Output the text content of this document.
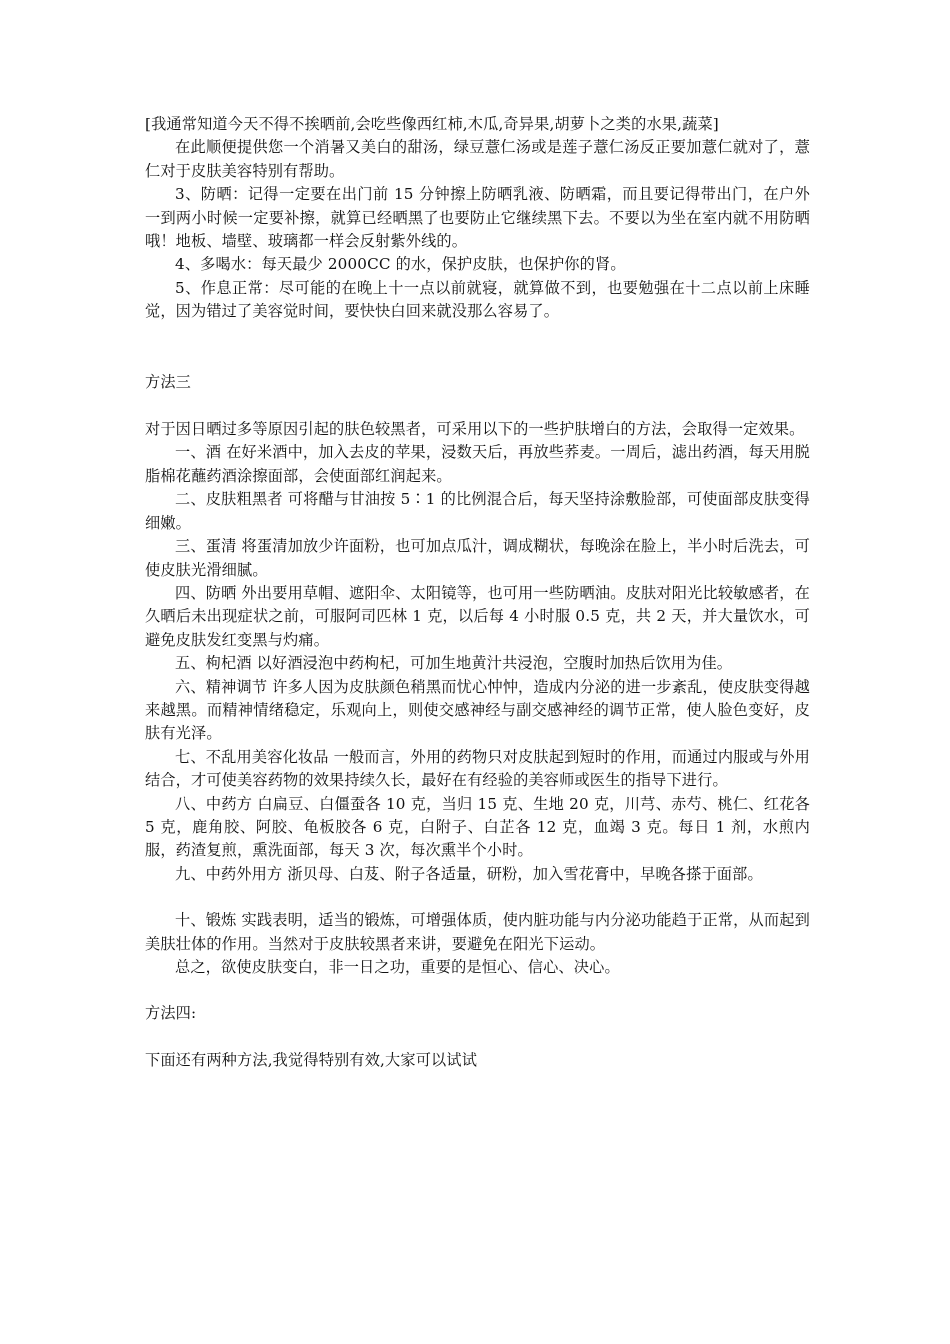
[我通常知道今天不得不挨晒前,会吃些像西红柿,木瓜,奇异果,胡萝卜之类的水果,蔬菜]

在此顺便提供您一个消暑又美白的甜汤，绿豆薏仁汤或是莲子薏仁汤反正要加薏仁就对了，薏仁对于皮肤美容特别有帮助。

3、防晒：记得一定要在出门前 15 分钟擦上防晒乳液、防晒霜，而且要记得带出门，在户外一到两小时候一定要补擦，就算已经晒黑了也要防止它继续黑下去。不要以为坐在室内就不用防晒哦！地板、墙壁、玻璃都一样会反射紫外线的。

4、多喝水：每天最少 2000CC 的水，保护皮肤，也保护你的肾。

5、作息正常：尽可能的在晚上十一点以前就寝，就算做不到，也要勉强在十二点以前上床睡觉，因为错过了美容觉时间，要快快白回来就没那么容易了。

方法三

对于因日晒过多等原因引起的肤色较黑者，可采用以下的一些护肤增白的方法，会取得一定效果。

一、酒 在好米酒中，加入去皮的苹果，浸数天后，再放些荞麦。一周后，滤出药酒，每天用脱脂棉花蘸药酒涂擦面部，会使面部红润起来。

二、皮肤粗黑者 可将醋与甘油按 5∶1 的比例混合后，每天坚持涂敷脸部，可使面部皮肤变得细嫩。

三、蛋清 将蛋清加放少许面粉，也可加点瓜汁，调成糊状，每晚涂在脸上，半小时后洗去，可使皮肤光滑细腻。

四、防晒 外出要用草帽、遮阳伞、太阳镜等，也可用一些防晒油。皮肤对阳光比较敏感者，在久晒后未出现症状之前，可服阿司匹林 1 克，以后每 4 小时服 0.5 克，共 2 天，并大量饮水，可避免皮肤发红变黑与灼痛。

五、枸杞酒 以好酒浸泡中药枸杞，可加生地黄汁共浸泡，空腹时加热后饮用为佳。

六、精神调节 许多人因为皮肤颜色稍黑而忧心忡忡，造成内分泌的进一步紊乱，使皮肤变得越来越黑。而精神情绪稳定，乐观向上，则使交感神经与副交感神经的调节正常，使人脸色变好，皮肤有光泽。

七、不乱用美容化妆品 一般而言，外用的药物只对皮肤起到短时的作用，而通过内服或与外用结合，才可使美容药物的效果持续久长，最好在有经验的美容师或医生的指导下进行。

八、中药方 白扁豆、白僵蚕各 10 克，当归 15 克、生地 20 克，川芎、赤芍、桃仁、红花各 5 克，鹿角胶、阿胶、龟板胶各 6 克，白附子、白芷各 12 克，血竭 3 克。每日 1 剂，水煎内服，药渣复煎，熏洗面部，每天 3 次，每次熏半个小时。

九、中药外用方 浙贝母、白芨、附子各适量，研粉，加入雪花膏中，早晚各搽于面部。

十、锻炼 实践表明，适当的锻炼，可增强体质，使内脏功能与内分泌功能趋于正常，从而起到美肤壮体的作用。当然对于皮肤较黑者来讲，要避免在阳光下运动。

总之，欲使皮肤变白，非一日之功，重要的是恒心、信心、决心。

方法四:

下面还有两种方法,我觉得特别有效,大家可以试试
